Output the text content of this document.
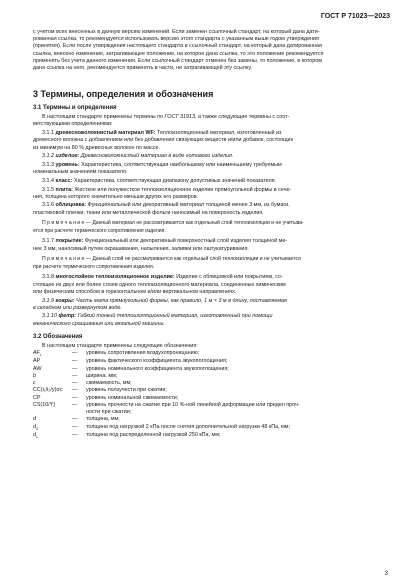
ГОСТ Р 71023—2023

с учетом всех внесенных в данную версию изменений. Если заменен ссылочный стандарт, на который дана дати-

рованная ссылка, то рекомендуется использовать версию этого стандарта с указанным выше годом утверждения

(принятия). Если после утверждения настоящего стандарта в ссылочный стандарт, на который дана датированная

ссылка, внесено изменение, затрагивающее положение, на которое дана ссылка, то это положение рекомендуется

применять без учета данного изменения. Если ссылочный стандарт отменен без замены, то положение, в котором

дана ссылка на него, рекомендуется применять в части, не затрагивающей эту ссылку.

3 Термины, определения и обозначения
3.1 Термины и определения

В настоящем стандарте применены термины по ГОСТ 31913, а также следующие термины с соот-

ветствующими определениями:

3.1.1 древесноволокнистый материал WF: Теплоизоляционный материал, изготовленный из

древесного волокна с добавлением или без добавления связующих веществ и/или добавок, состоящих

из минимум на 80 % древесных волокон по массе.

3.1.2 изделие: Древесноволокнистый материал в виде готового изделия.

3.1.3 уровень: Характеристика, соответствующая наибольшему или наименьшему требуемым

номинальным значениям показателя.

3.1.4 класс: Характеристика, соответствующая диапазону допустимых значений показателя.

3.1.5 плита: Жесткое или полужесткое теплоизоляционное изделие прямоугольной формы и сече-

ния, толщина которого значительно меньше других его размеров.

3.1.6 облицовка: Функциональный или декоративный материал толщиной менее 3 мм, из бумаги,

пластиковой пленки, ткани или металлической фольги наносимый на поверхность изделия.

П р и м е ч а н и е — Данный материал не рассматривается как отдельный слой теплоизоляции и не учитыва-

ется при расчете термического сопротивления изделия.

3.1.7 покрытие: Функциональный или декоративный поверхностный слой изделия толщиной ме-

нее 3 мм, наносимый путем окрашивания, напыления, заливки или оштукатуривания.

П р и м е ч а н и е — Данный слой не рассматривается как отдельный слой теплоизоляции и не учитывается

при расчете термического сопротивления изделия.

3.1.8 многослойное теплоизоляционное изделие: Изделие с облицовкой или покрытием, со-

стоящее из двух или более слоев одного теплоизоляционного материала, соединенных химическим

или физическим способом в горизонтальном и/или вертикальном направлениях.

3.1.9 ковры: Часть мата прямоугольной формы, как правило, 1 м × 3 м в длину, поставляемая

в складном или развернутом виде.

3.1.10 фетр: Гибкий тонкий теплоизоляционный материал, изготовленный при помощи

механического сращивания или вязальной машины.

3.2 Обозначения

В настоящем стандарте применены следующие обозначения:

$AF_r$	—	уровень сопротивления воздухопроницанию;
AP	—	уровень фактического коэффициента звукопоглощения;
AW	—	уровень номинального коэффициента звукопоглощения;
b	—	ширина, мм;
c	—	сжимаемость, мм;
CC(i₁/i₂/y)σc	—	уровень ползучести при сжатии;
CP	—	уровень номинальной сжимаемости;
CS(10/Y)	—	уровень прочности на сжатие при 10 %-ной линейной деформации или предел проч-
ности при сжатии;
d	—	толщина, мм;
$d_0$	—	толщина под нагрузкой 2 кПа после снятия дополнительной нагрузки 48 кПа, мм;
$d_L$	—	толщина под распределенной нагрузкой 250 кПа, мм;
3
